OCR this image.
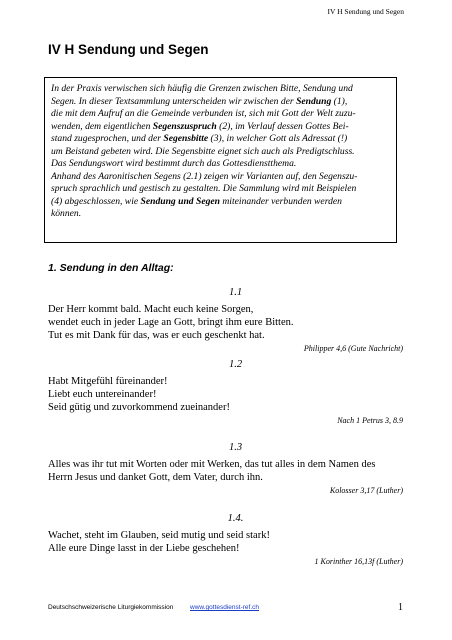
IV H Sendung und Segen
IV H Sendung und Segen
In der Praxis verwischen sich häufig die Grenzen zwischen Bitte, Sendung und
Segen. In dieser Textsammlung unterscheiden wir zwischen der Sendung (1),
die mit dem Aufruf an die Gemeinde verbunden ist, sich mit Gott der Welt zuzu-
wenden, dem eigentlichen Segenszuspruch (2), im Verlauf dessen Gottes Bei-
stand zugesprochen, und der Segensbitte (3), in welcher Gott als Adressat (!)
um Beistand gebeten wird. Die Segensbitte eignet sich auch als Predigtschluss.
Das Sendungswort wird bestimmt durch das Gottesdienstthema.
Anhand des Aaronitischen Segens (2.1) zeigen wir Varianten auf, den Segenszu-
spruch sprachlich und gestisch zu gestalten. Die Sammlung wird mit Beispielen
(4) abgeschlossen, wie Sendung und Segen miteinander verbunden werden
können.
1. Sendung in den Alltag:
1.1
Der Herr kommt bald. Macht euch keine Sorgen,
wendet euch in jeder Lage an Gott, bringt ihm eure Bitten.
Tut es mit Dank für das, was er euch geschenkt hat.
Philipper 4,6 (Gute Nachricht)
1.2
Habt Mitgefühl füreinander!
Liebt euch untereinander!
Seid gütig und zuvorkommend zueinander!
Nach 1 Petrus 3, 8.9
1.3
Alles was ihr tut mit Worten oder mit Werken, das tut alles in dem Namen des
Herrn Jesus und danket Gott, dem Vater, durch ihn.
Kolosser 3,17 (Luther)
1.4.
Wachet, steht im Glauben, seid mutig und seid stark!
Alle eure Dinge lasst in der Liebe geschehen!
1 Korinther 16,13f (Luther)
Deutschschweizerische Liturgiekommission	www.gottesdienst-ref.ch	1
